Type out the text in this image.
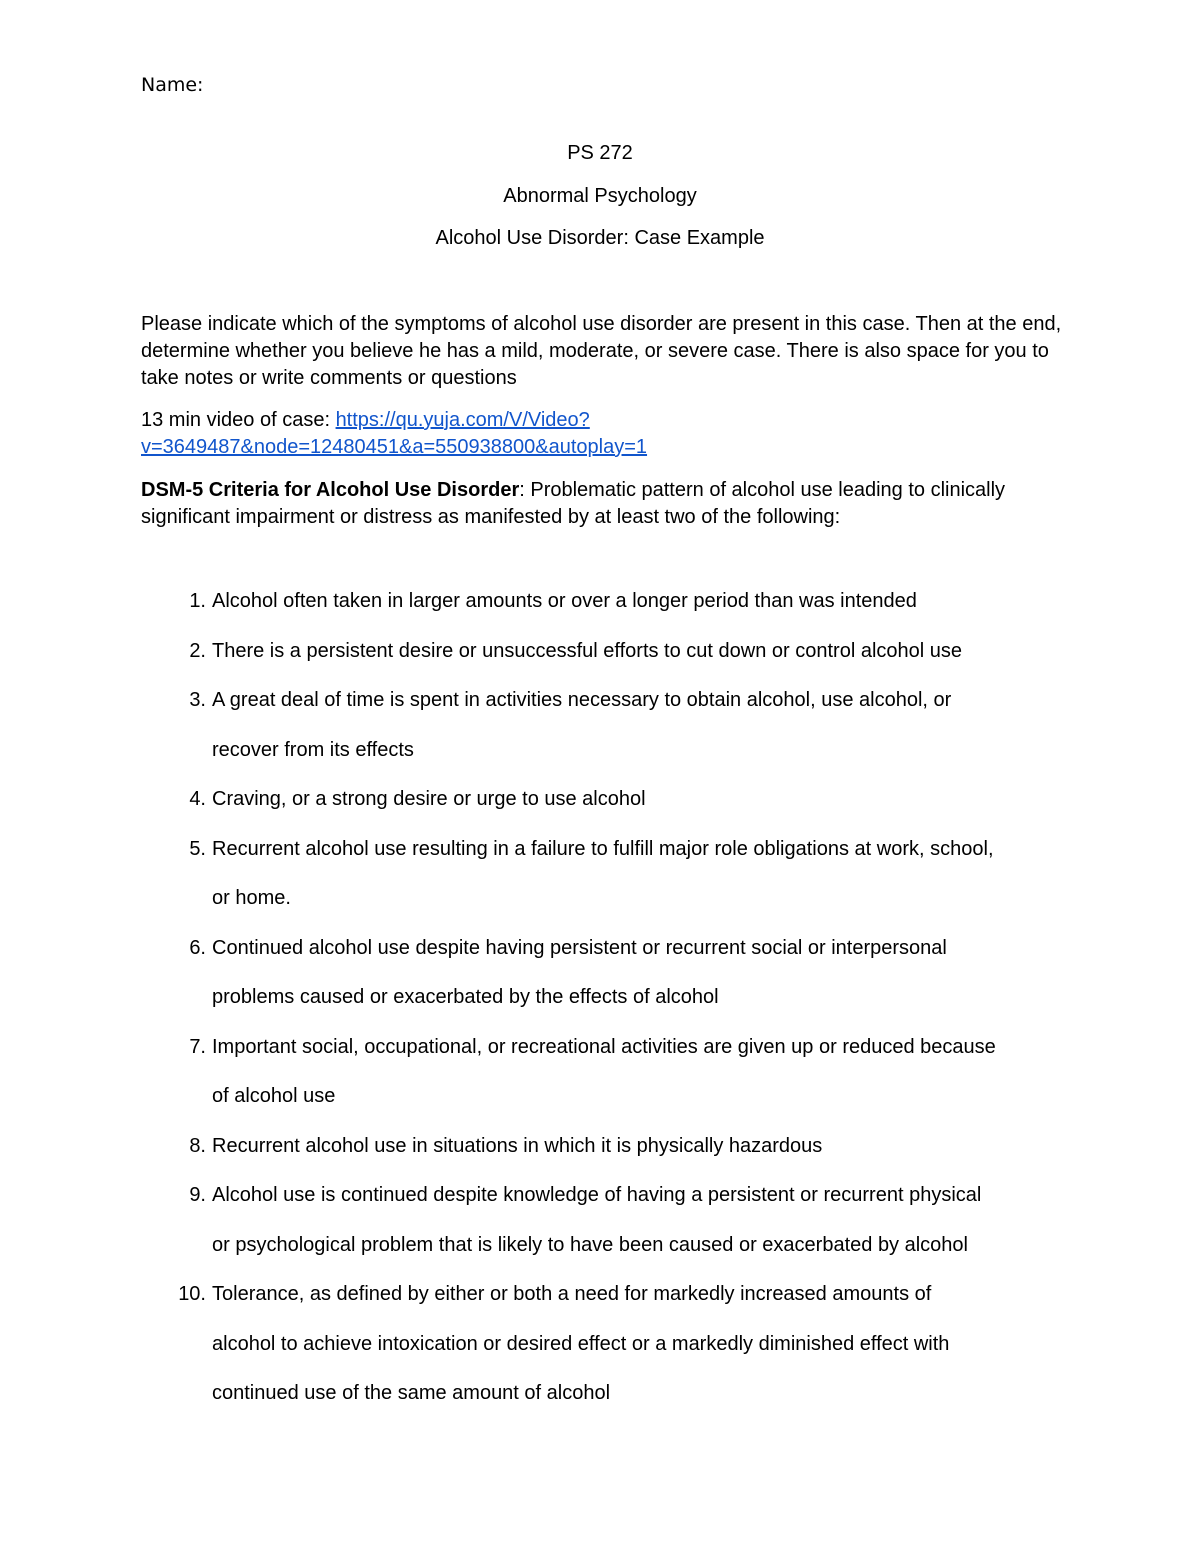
Name:
PS 272
Abnormal Psychology
Alcohol Use Disorder: Case Example
Please indicate which of the symptoms of alcohol use disorder are present in this case. Then at the end, determine whether you believe he has a mild, moderate, or severe case. There is also space for you to take notes or write comments or questions
13 min video of case: https://qu.yuja.com/V/Video?
v=3649487&node=12480451&a=550938800&autoplay=1
DSM-5 Criteria for Alcohol Use Disorder: Problematic pattern of alcohol use leading to clinically significant impairment or distress as manifested by at least two of the following:
1. Alcohol often taken in larger amounts or over a longer period than was intended
2. There is a persistent desire or unsuccessful efforts to cut down or control alcohol use
3. A great deal of time is spent in activities necessary to obtain alcohol, use alcohol, or
recover from its effects
4. Craving, or a strong desire or urge to use alcohol
5. Recurrent alcohol use resulting in a failure to fulfill major role obligations at work, school,
or home.
6. Continued alcohol use despite having persistent or recurrent social or interpersonal
problems caused or exacerbated by the effects of alcohol
7. Important social, occupational, or recreational activities are given up or reduced because
of alcohol use
8. Recurrent alcohol use in situations in which it is physically hazardous
9. Alcohol use is continued despite knowledge of having a persistent or recurrent physical
or psychological problem that is likely to have been caused or exacerbated by alcohol
10. Tolerance, as defined by either or both a need for markedly increased amounts of
alcohol to achieve intoxication or desired effect or a markedly diminished effect with
continued use of the same amount of alcohol
